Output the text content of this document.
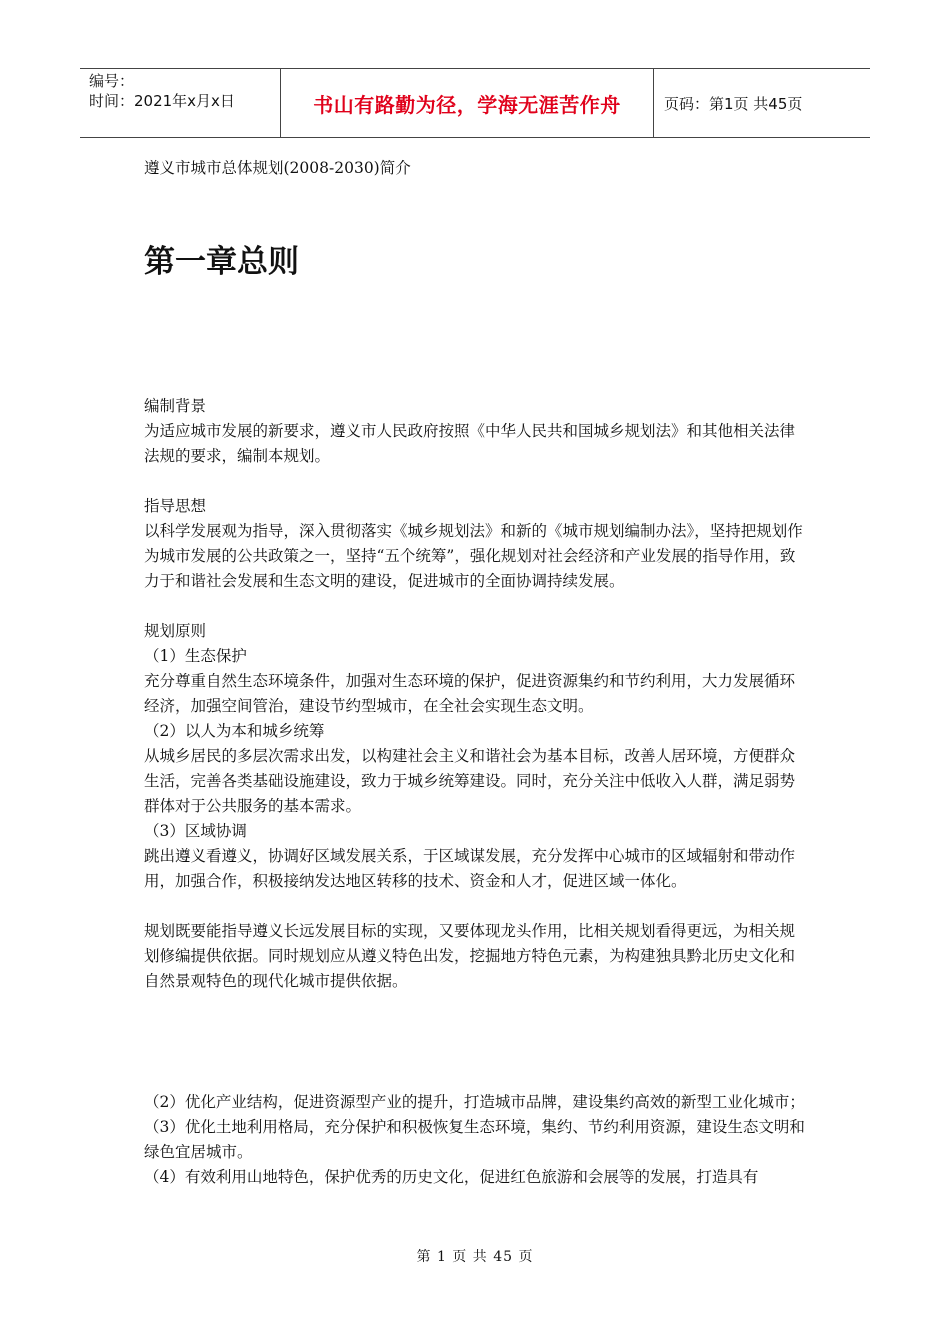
编号：
时间：2021年x月x日	书山有路勤为径，学海无涯苦作舟	页码：第1页 共45页

遵义市城市总体规划(2008-2030)简介

第一章总则

编制背景

为适应城市发展的新要求，遵义市人民政府按照《中华人民共和国城乡规划法》和其他相关法律法规的要求，编制本规划。

指导思想

以科学发展观为指导，深入贯彻落实《城乡规划法》和新的《城市规划编制办法》，坚持把规划作为城市发展的公共政策之一，坚持“五个统筹”，强化规划对社会经济和产业发展的指导作用，致力于和谐社会发展和生态文明的建设，促进城市的全面协调持续发展。

规划原则

（1）生态保护

充分尊重自然生态环境条件，加强对生态环境的保护，促进资源集约和节约利用，大力发展循环经济，加强空间管治，建设节约型城市，在全社会实现生态文明。

（2）以人为本和城乡统筹

从城乡居民的多层次需求出发，以构建社会主义和谐社会为基本目标，改善人居环境，方便群众生活，完善各类基础设施建设，致力于城乡统筹建设。同时，充分关注中低收入人群，满足弱势群体对于公共服务的基本需求。

（3）区域协调

跳出遵义看遵义，协调好区域发展关系，于区域谋发展，充分发挥中心城市的区域辐射和带动作用，加强合作，积极接纳发达地区转移的技术、资金和人才，促进区域一体化。

规划既要能指导遵义长远发展目标的实现，又要体现龙头作用，比相关规划看得更远，为相关规划修编提供依据。同时规划应从遵义特色出发，挖掘地方特色元素，为构建独具黔北历史文化和自然景观特色的现代化城市提供依据。

（2）优化产业结构，促进资源型产业的提升，打造城市品牌，建设集约高效的新型工业化城市；

（3）优化土地利用格局，充分保护和积极恢复生态环境，集约、节约利用资源，建设生态文明和绿色宜居城市。

（4）有效利用山地特色，保护优秀的历史文化，促进红色旅游和会展等的发展，打造具有

第 1 页 共 45 页
